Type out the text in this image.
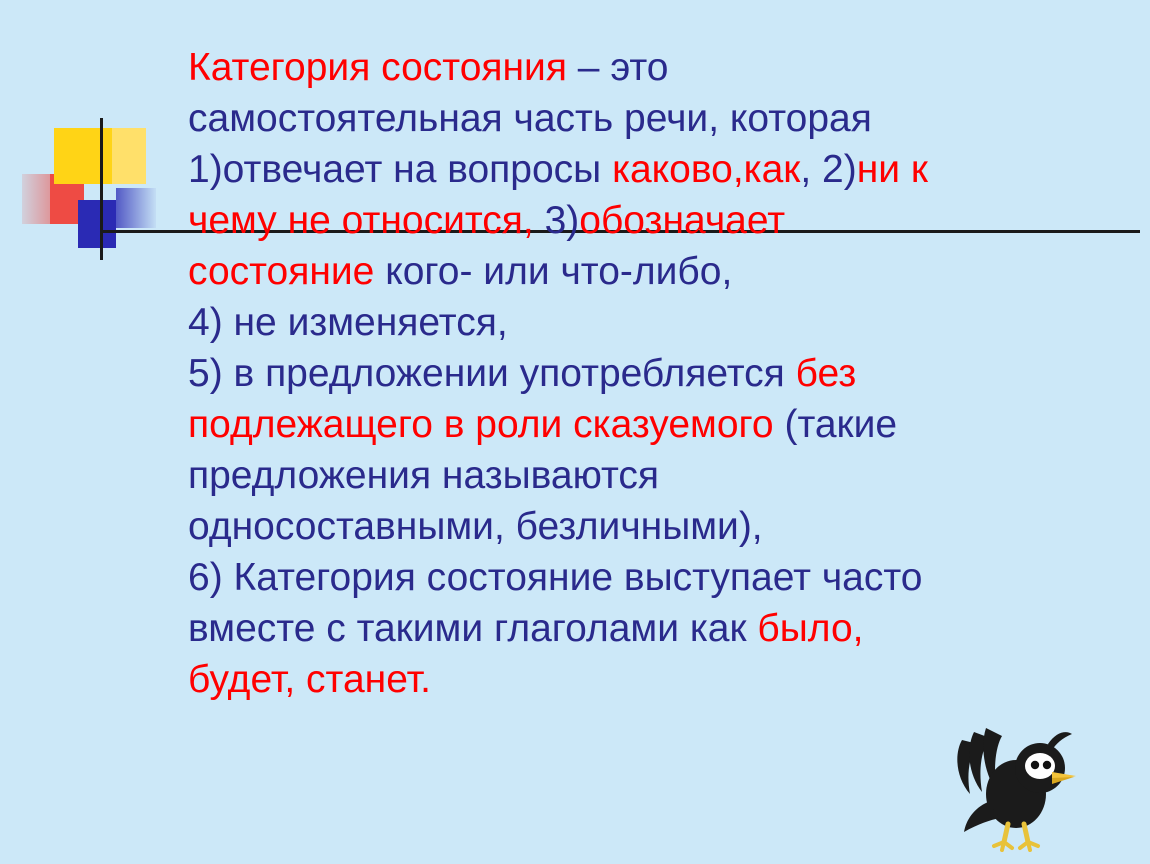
Категория состояния – это

самостоятельная часть речи, которая

1)отвечает на вопросы каково,как, 2)ни к

чему не относится, 3)обозначает

состояние кого- или что-либо,

4) не изменяется,

5) в предложении употребляется без

подлежащего в роли сказуемого (такие

предложения называются

односоставными, безличными),

6) Категория состояние выступает часто

вместе с такими глаголами как было,

будет, станет.
